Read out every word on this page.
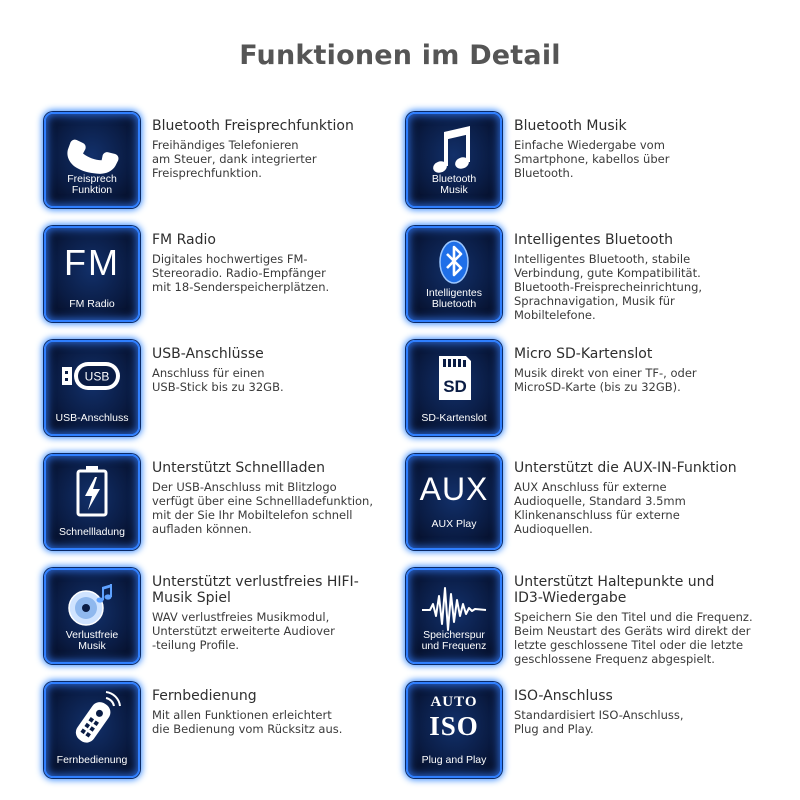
Funktionen im Detail
Freisprech
Funktion
Bluetooth Freisprechfunktion
Freihändiges Telefonieren
am Steuer, dank integrierter
Freisprechfunktion.	Bluetooth
Musik
Bluetooth Musik
Einfache Wiedergabe vom
Smartphone, kabellos über
Bluetooth.
FM
FM Radio
FM Radio
Digitales hochwertiges FM-
Stereoradio. Radio-Empfänger
mit 18-Senderspeicherplätzen.	Intelligentes
Bluetooth
Intelligentes Bluetooth
Intelligentes Bluetooth, stabile
Verbindung, gute Kompatibilität.
Bluetooth-Freisprecheinrichtung,
Sprachnavigation, Musik für
Mobiltelefone.
USB
USB-Anschluss
USB-Anschlüsse
Anschluss für einen
USB-Stick bis zu 32GB.	SD
SD-Kartenslot
Micro SD-Kartenslot
Musik direkt von einer TF-, oder
MicroSD-Karte (bis zu 32GB).
Schnellladung
Unterstützt Schnellladen
Der USB-Anschluss mit Blitzlogo
verfügt über eine Schnellladefunktion,
mit der Sie Ihr Mobiltelefon schnell
aufladen können.
AUX
AUX Play
Unterstützt die AUX-IN-Funktion
AUX Anschluss für externe
Audioquelle, Standard 3.5mm
Klinkenanschluss für externe
Audioquellen.
Verlustfreie
Musik
Unterstützt verlustfreies HIFI-
Musik Spiel
WAV verlustfreies Musikmodul,
Unterstützt erweiterte Audiover
-teilung Profile.
Speicherspur
und Frequenz
Unterstützt Haltepunkte und
ID3-Wiedergabe
Speichern Sie den Titel und die Frequenz.
Beim Neustart des Geräts wird direkt der
letzte geschlossene Titel oder die letzte
geschlossene Frequenz abgespielt.
Fernbedienung
Fernbedienung
Mit allen Funktionen erleichtert
die Bedienung vom Rücksitz aus.
AUTO
ISO
Plug and Play
ISO-Anschluss
Standardisiert ISO-Anschluss,
Plug and Play.
